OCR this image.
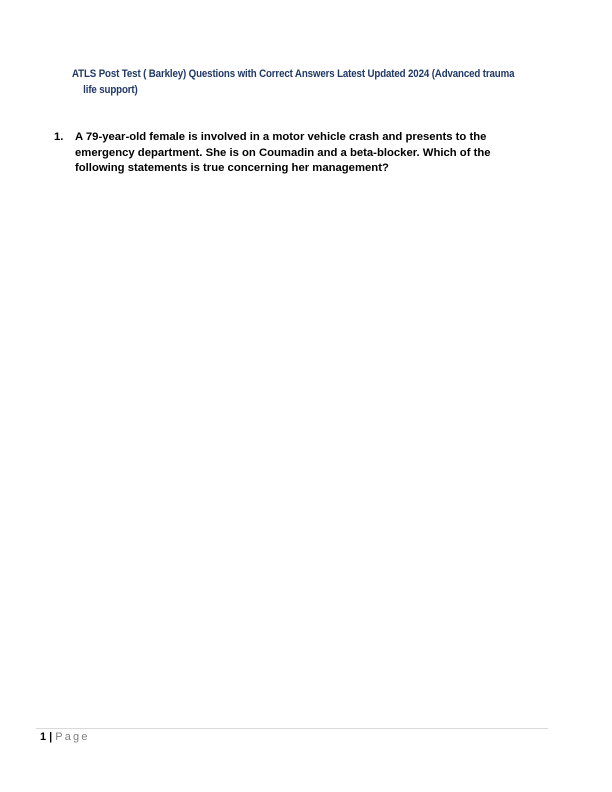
ATLS Post Test ( Barkley) Questions with Correct Answers Latest Updated 2024 (Advanced trauma
life support)
1. A 79-year-old female is involved in a motor vehicle crash and presents to the
emergency department. She is on Coumadin and a beta-blocker. Which of the
following statements is true concerning her management?
1 | Page
